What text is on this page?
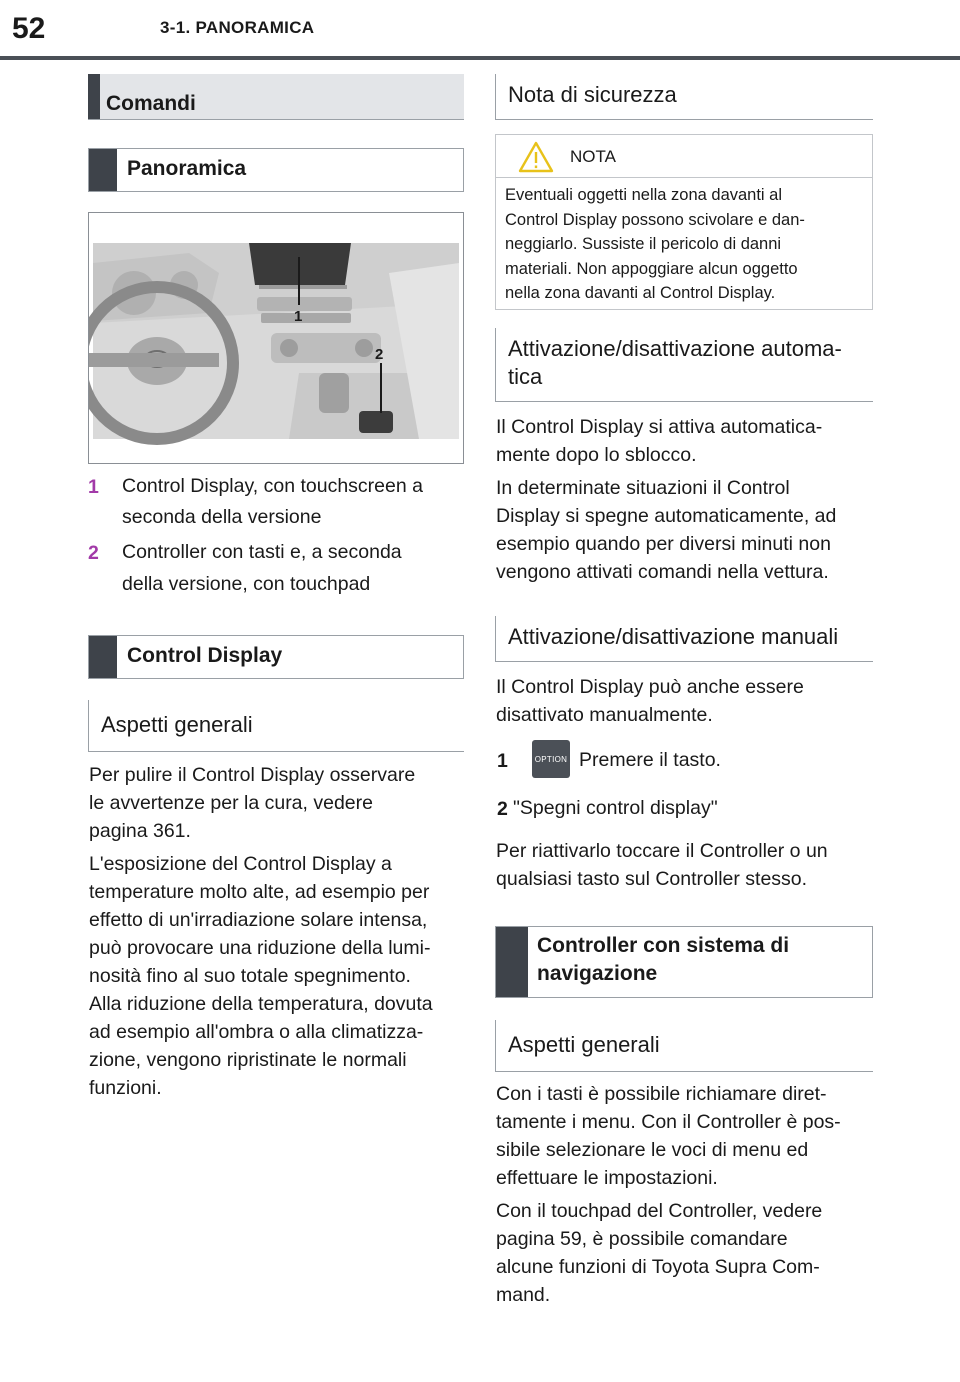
52	3-1. PANORAMICA
Comandi
Panoramica
1
2
1 Control Display, con touchscreen a
seconda della versione
2 Controller con tasti e, a seconda
della versione, con touchpad
Control Display
Aspetti generali
Per pulire il Control Display osservare
le avvertenze per la cura, vedere
pagina 361.
L'esposizione del Control Display a
temperature molto alte, ad esempio per
effetto di un'irradiazione solare intensa,
può provocare una riduzione della lumi-
nosità fino al suo totale spegnimento.
Alla riduzione della temperatura, dovuta
ad esempio all'ombra o alla climatizza-
zione, vengono ripristinate le normali
funzioni.
Nota di sicurezza
NOTA
Eventuali oggetti nella zona davanti al
Control Display possono scivolare e dan-
neggiarlo. Sussiste il pericolo di danni
materiali. Non appoggiare alcun oggetto
nella zona davanti al Control Display.
Attivazione/disattivazione automa-
tica
Il Control Display si attiva automatica-
mente dopo lo sblocco.
In determinate situazioni il Control
Display si spegne automaticamente, ad
esempio quando per diversi minuti non
vengono attivati comandi nella vettura.
Attivazione/disattivazione manuali
Il Control Display può anche essere
disattivato manualmente.
1	OPTION Premere il tasto.
2 "Spegni control display"
Per riattivarlo toccare il Controller o un
qualsiasi tasto sul Controller stesso.
Controller con sistema di
navigazione
Aspetti generali
Con i tasti è possibile richiamare diret-
tamente i menu. Con il Controller è pos-
sibile selezionare le voci di menu ed
effettuare le impostazioni.
Con il touchpad del Controller, vedere
pagina 59, è possibile comandare
alcune funzioni di Toyota Supra Com-
mand.
